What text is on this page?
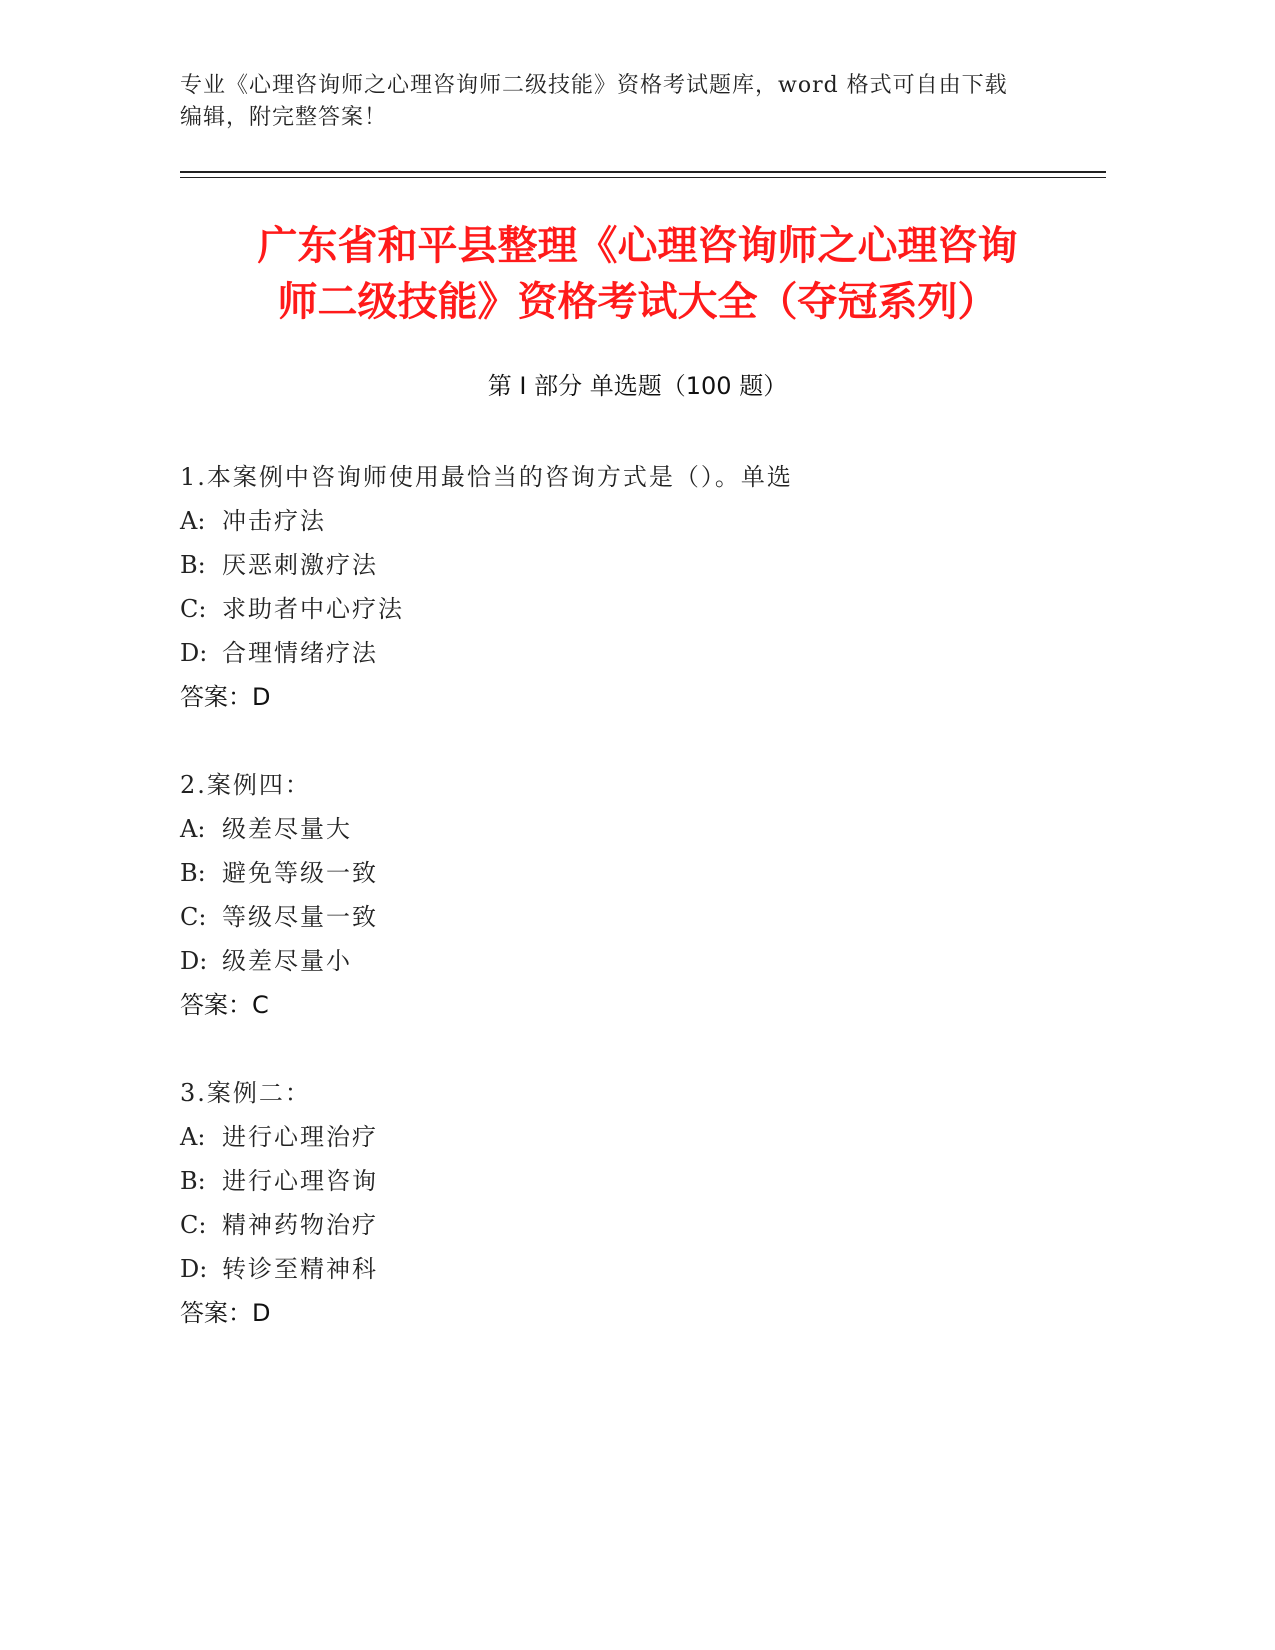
专业《心理咨询师之心理咨询师二级技能》资格考试题库，word 格式可自由下载
编辑，附完整答案！
广东省和平县整理《心理咨询师之心理咨询
师二级技能》资格考试大全（夺冠系列）
第 I 部分 单选题（100 题）
1.本案例中咨询师使用最恰当的咨询方式是（）。单选
A: 冲击疗法
B: 厌恶刺激疗法
C: 求助者中心疗法
D: 合理情绪疗法
答案：D
2.案例四：
A: 级差尽量大
B: 避免等级一致
C: 等级尽量一致
D: 级差尽量小
答案：C
3.案例二：
A: 进行心理治疗
B: 进行心理咨询
C: 精神药物治疗
D: 转诊至精神科
答案：D
